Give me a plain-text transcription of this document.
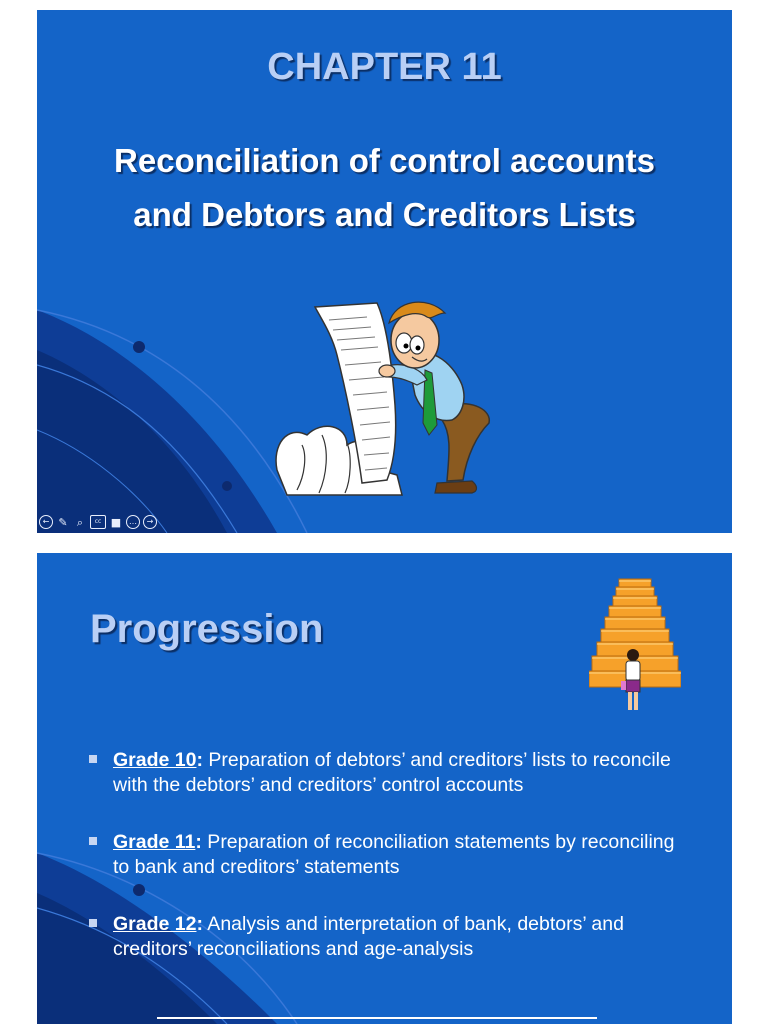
CHAPTER 11
Reconciliation of control accounts
and Debtors and Creditors Lists
← ✎ ⌕	cc ■ …	→
Progression
Grade 10: Preparation of debtors’ and creditors’ lists to reconcile with the debtors’ and creditors’ control accounts
Grade 11: Preparation of reconciliation statements by reconciling to bank and creditors’ statements
Grade 12: Analysis and interpretation of bank, debtors’ and creditors’ reconciliations and age-analysis
